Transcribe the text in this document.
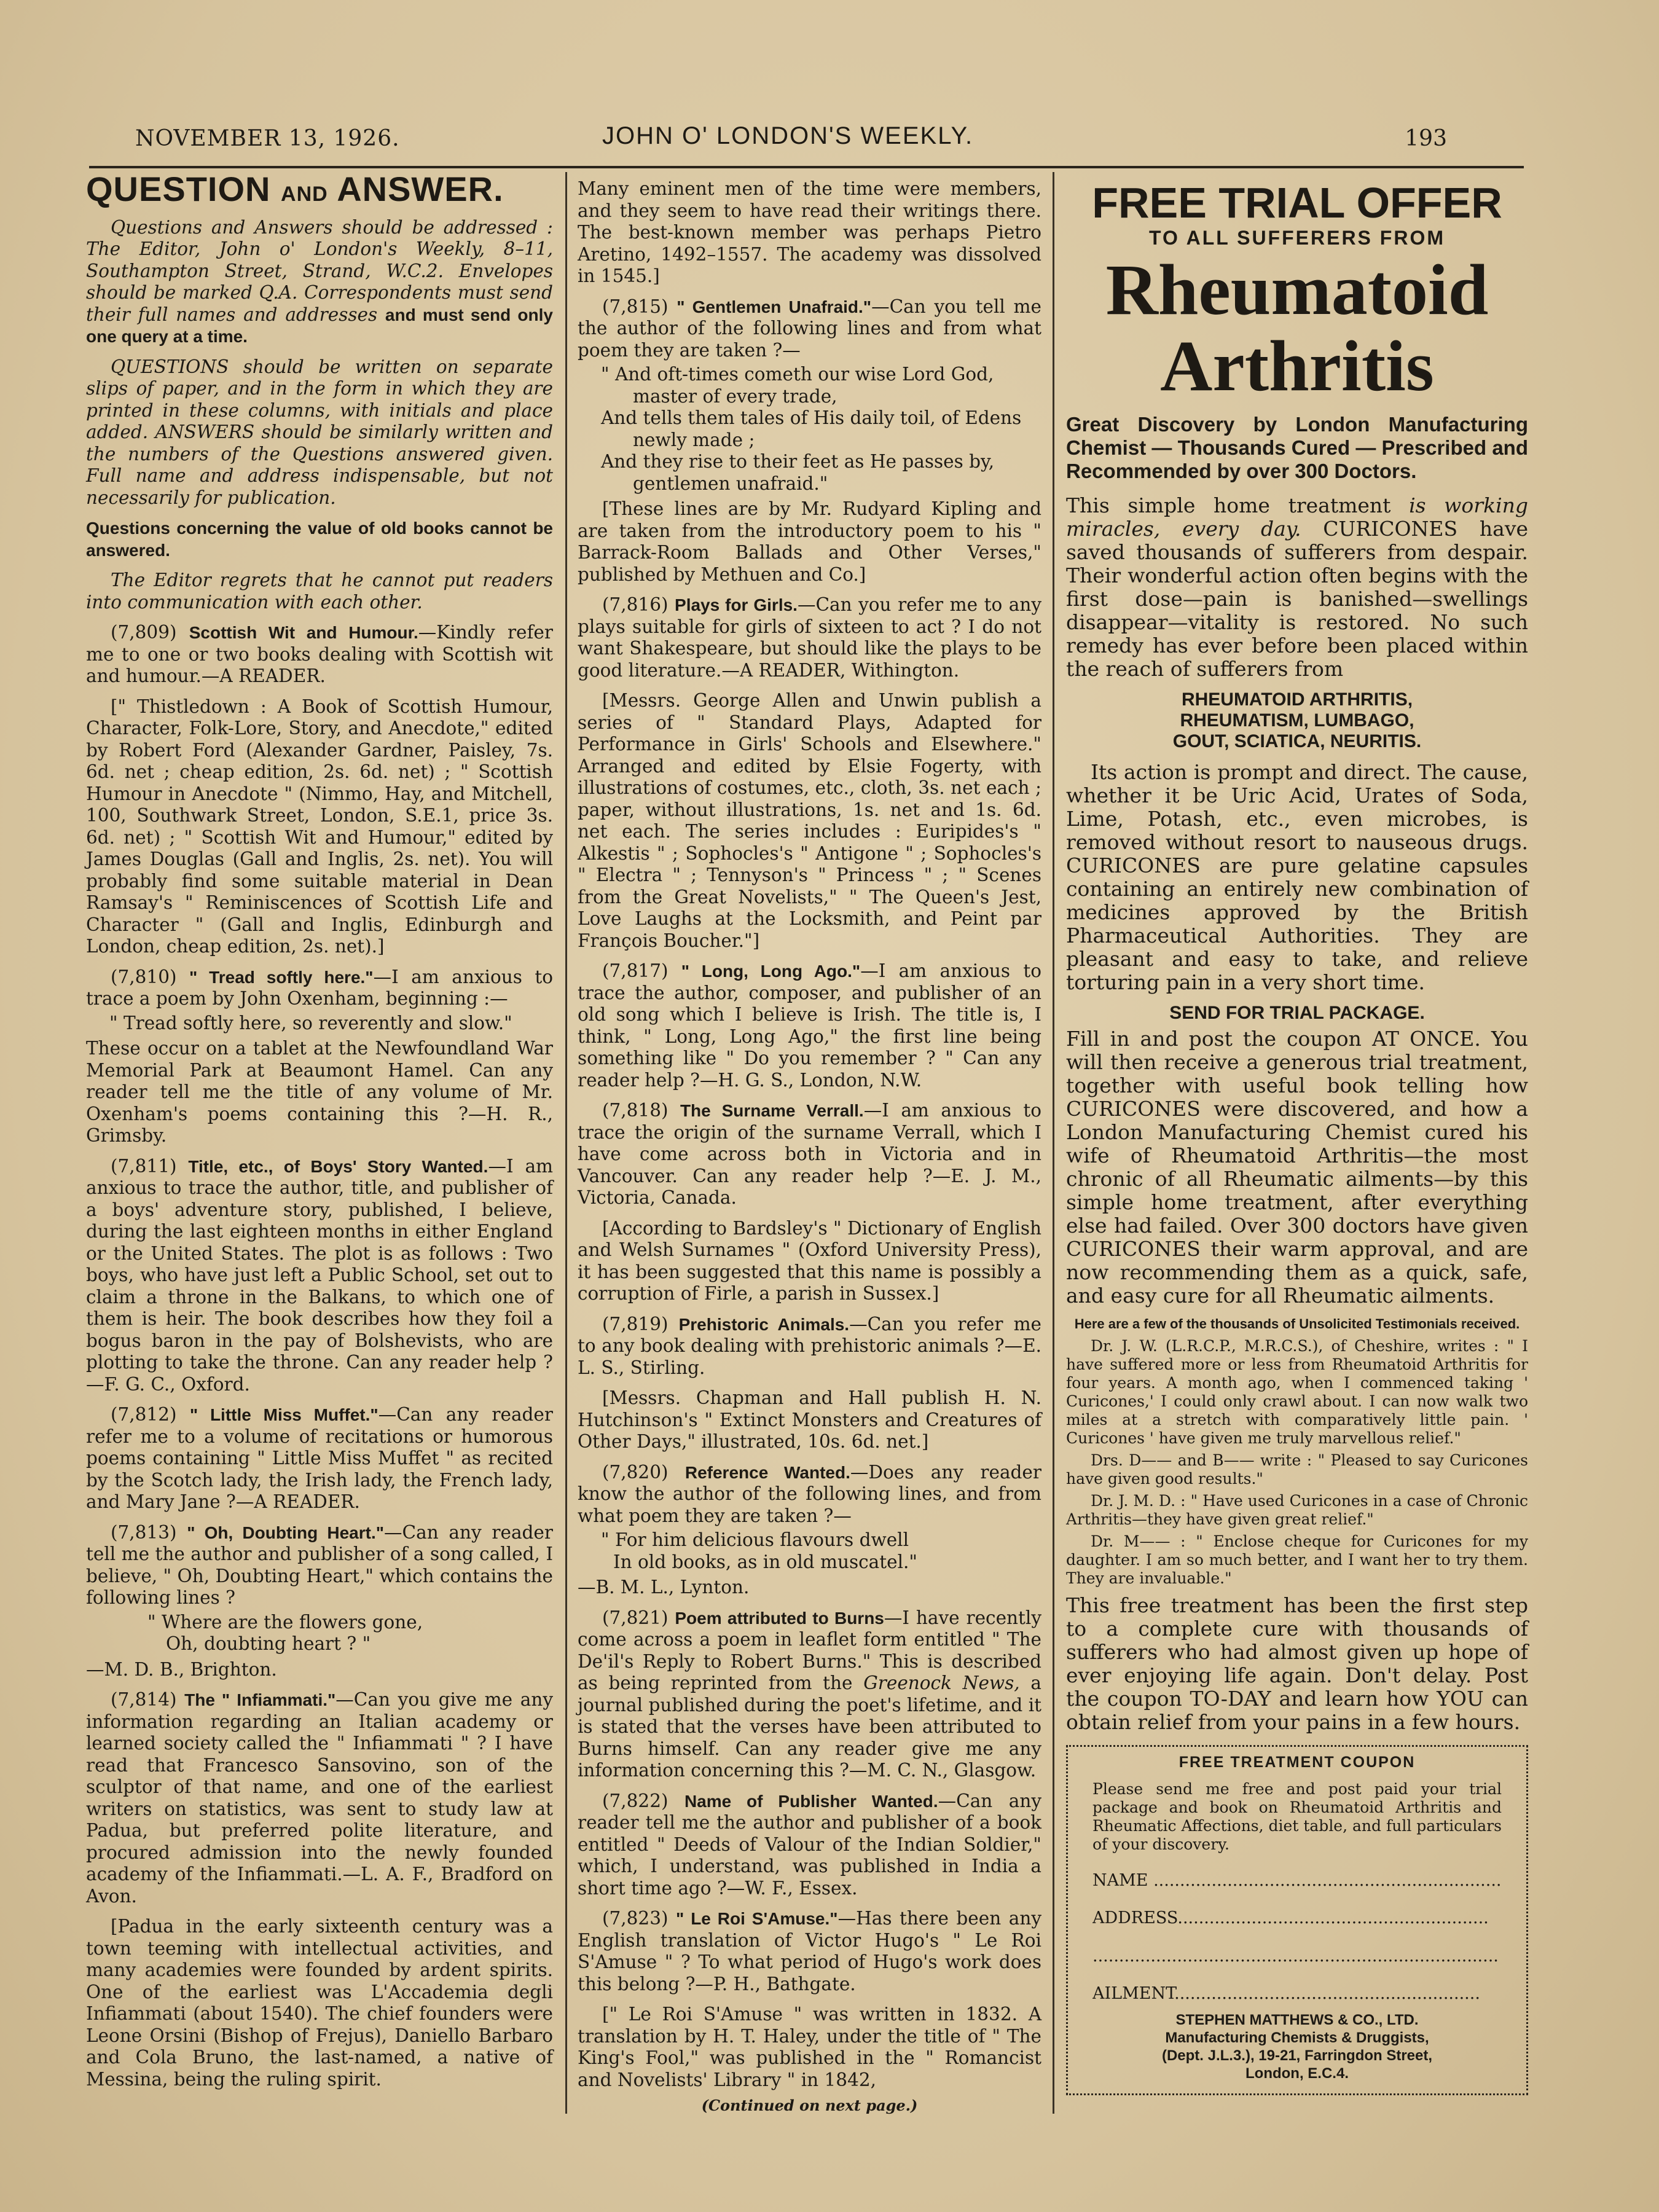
NOVEMBER 13, 1926.	JOHN O' LONDON'S WEEKLY.	193
QUESTION AND ANSWER.

Questions and Answers should be addressed : The Editor, John o' London's Weekly, 8–11, Southampton Street, Strand, W.C.2. Envelopes should be marked Q.A. Correspondents must send their full names and addresses and must send only one query at a time.

QUESTIONS should be written on separate slips of paper, and in the form in which they are printed in these columns, with initials and place added. ANSWERS should be similarly written and the numbers of the Questions answered given. Full name and address indispensable, but not necessarily for publication.

Questions concerning the value of old books cannot be answered.

The Editor regrets that he cannot put readers into communication with each other.

(7,809) Scottish Wit and Humour.—Kindly refer me to one or two books dealing with Scottish wit and humour.—A READER.

[" Thistledown : A Book of Scottish Humour, Character, Folk-Lore, Story, and Anecdote," edited by Robert Ford (Alexander Gardner, Paisley, 7s. 6d. net ; cheap edition, 2s. 6d. net) ; " Scottish Humour in Anecdote " (Nimmo, Hay, and Mitchell, 100, Southwark Street, London, S.E.1, price 3s. 6d. net) ; " Scottish Wit and Humour," edited by James Douglas (Gall and Inglis, 2s. net). You will probably find some suitable material in Dean Ramsay's " Reminiscences of Scottish Life and Character " (Gall and Inglis, Edinburgh and London, cheap edition, 2s. net).]

(7,810) " Tread softly here."—I am anxious to trace a poem by John Oxenham, beginning :—

" Tread softly here, so reverently and slow."

These occur on a tablet at the Newfoundland War Memorial Park at Beaumont Hamel. Can any reader tell me the title of any volume of Mr. Oxenham's poems containing this ?—H. R., Grimsby.

(7,811) Title, etc., of Boys' Story Wanted.—I am anxious to trace the author, title, and publisher of a boys' adventure story, published, I believe, during the last eighteen months in either England or the United States. The plot is as follows : Two boys, who have just left a Public School, set out to claim a throne in the Balkans, to which one of them is heir. The book describes how they foil a bogus baron in the pay of Bolshevists, who are plotting to take the throne. Can any reader help ?—F. G. C., Oxford.

(7,812) " Little Miss Muffet."—Can any reader refer me to a volume of recitations or humorous poems containing " Little Miss Muffet " as recited by the Scotch lady, the Irish lady, the French lady, and Mary Jane ?—A READER.

(7,813) " Oh, Doubting Heart."—Can any reader tell me the author and publisher of a song called, I believe, " Oh, Doubting Heart," which contains the following lines ?

" Where are the flowers gone,

Oh, doubting heart ? "

—M. D. B., Brighton.

(7,814) The " Infiammati."—Can you give me any information regarding an Italian academy or learned society called the " Infiammati " ? I have read that Francesco Sansovino, son of the sculptor of that name, and one of the earliest writers on statistics, was sent to study law at Padua, but preferred polite literature, and procured admission into the newly founded academy of the Infiammati.—L. A. F., Bradford on Avon.

[Padua in the early sixteenth century was a town teeming with intellectual activities, and many academies were founded by ardent spirits. One of the earliest was L'Accademia degli Infiammati (about 1540). The chief founders were Leone Orsini (Bishop of Frejus), Daniello Barbaro and Cola Bruno, the last-named, a native of Messina, being the ruling spirit.

Many eminent men of the time were members, and they seem to have read their writings there. The best-known member was perhaps Pietro Aretino, 1492–1557. The academy was dissolved in 1545.]

(7,815) " Gentlemen Unafraid."—Can you tell me the author of the following lines and from what poem they are taken ?—

" And oft-times cometh our wise Lord God,

master of every trade,

And tells them tales of His daily toil, of Edens

newly made ;

And they rise to their feet as He passes by,

gentlemen unafraid."

[These lines are by Mr. Rudyard Kipling and are taken from the introductory poem to his " Barrack-Room Ballads and Other Verses," published by Methuen and Co.]

(7,816) Plays for Girls.—Can you refer me to any plays suitable for girls of sixteen to act ? I do not want Shakespeare, but should like the plays to be good literature.—A READER, Withington.

[Messrs. George Allen and Unwin publish a series of " Standard Plays, Adapted for Performance in Girls' Schools and Elsewhere." Arranged and edited by Elsie Fogerty, with illustrations of costumes, etc., cloth, 3s. net each ; paper, without illustrations, 1s. net and 1s. 6d. net each. The series includes : Euripides's " Alkestis " ; Sophocles's " Antigone " ; Sophocles's " Electra " ; Tennyson's " Princess " ; " Scenes from the Great Novelists," " The Queen's Jest, Love Laughs at the Locksmith, and Peint par François Boucher."]

(7,817) " Long, Long Ago."—I am anxious to trace the author, composer, and publisher of an old song which I believe is Irish. The title is, I think, " Long, Long Ago," the first line being something like " Do you remember ? " Can any reader help ?—H. G. S., London, N.W.

(7,818) The Surname Verrall.—I am anxious to trace the origin of the surname Verrall, which I have come across both in Victoria and in Vancouver. Can any reader help ?—E. J. M., Victoria, Canada.

[According to Bardsley's " Dictionary of English and Welsh Surnames " (Oxford University Press), it has been suggested that this name is possibly a corruption of Firle, a parish in Sussex.]

(7,819) Prehistoric Animals.—Can you refer me to any book dealing with prehistoric animals ?—E. L. S., Stirling.

[Messrs. Chapman and Hall publish H. N. Hutchinson's " Extinct Monsters and Creatures of Other Days," illustrated, 10s. 6d. net.]

(7,820) Reference Wanted.—Does any reader know the author of the following lines, and from what poem they are taken ?—

" For him delicious flavours dwell

In old books, as in old muscatel."

—B. M. L., Lynton.

(7,821) Poem attributed to Burns—I have recently come across a poem in leaflet form entitled " The De'il's Reply to Robert Burns." This is described as being reprinted from the Greenock News, a journal published during the poet's lifetime, and it is stated that the verses have been attributed to Burns himself. Can any reader give me any information concerning this ?—M. C. N., Glasgow.

(7,822) Name of Publisher Wanted.—Can any reader tell me the author and publisher of a book entitled " Deeds of Valour of the Indian Soldier," which, I understand, was published in India a short time ago ?—W. F., Essex.

(7,823) " Le Roi S'Amuse."—Has there been any English translation of Victor Hugo's " Le Roi S'Amuse " ? To what period of Hugo's work does this belong ?—P. H., Bathgate.

[" Le Roi S'Amuse " was written in 1832. A translation by H. T. Haley, under the title of " The King's Fool," was published in the " Romancist and Novelists' Library " in 1842,

(Continued on next page.)

FREE TRIAL OFFER

TO ALL SUFFERERS FROM

Rheumatoid

Arthritis

Great Discovery by London Manufacturing Chemist — Thousands Cured — Prescribed and Recommended by over 300 Doctors.

This simple home treatment is working miracles, every day. CURICONES have saved thousands of sufferers from despair. Their wonderful action often begins with the first dose—pain is banished—swellings disappear—vitality is restored. No such remedy has ever before been placed within the reach of sufferers from

RHEUMATOID ARTHRITIS,
RHEUMATISM, LUMBAGO,
GOUT, SCIATICA, NEURITIS.

Its action is prompt and direct. The cause, whether it be Uric Acid, Urates of Soda, Lime, Potash, etc., even microbes, is removed without resort to nauseous drugs. CURICONES are pure gelatine capsules containing an entirely new combination of medicines approved by the British Pharmaceutical Authorities. They are pleasant and easy to take, and relieve torturing pain in a very short time.

SEND FOR TRIAL PACKAGE.

Fill in and post the coupon AT ONCE. You will then receive a generous trial treatment, together with useful book telling how CURICONES were discovered, and how a London Manufacturing Chemist cured his wife of Rheumatoid Arthritis—the most chronic of all Rheumatic ailments—by this simple home treatment, after everything else had failed. Over 300 doctors have given CURICONES their warm approval, and are now recommending them as a quick, safe, and easy cure for all Rheumatic ailments.

Here are a few of the thousands of Unsolicited Testimonials received.

Dr. J. W. (L.R.C.P., M.R.C.S.), of Cheshire, writes : " I have suffered more or less from Rheumatoid Arthritis for four years. A month ago, when I commenced taking ' Curicones,' I could only crawl about. I can now walk two miles at a stretch with comparatively little pain. ' Curicones ' have given me truly marvellous relief."

Drs. D—— and B—— write : " Pleased to say Curicones have given good results."

Dr. J. M. D. : " Have used Curicones in a case of Chronic Arthritis—they have given great relief."

Dr. M—— : " Enclose cheque for Curicones for my daughter. I am so much better, and I want her to try them. They are invaluable."

This free treatment has been the first step to a complete cure with thousands of sufferers who had almost given up hope of ever enjoying life again. Don't delay. Post the coupon TO-DAY and learn how YOU can obtain relief from your pains in a few hours.

FREE TREATMENT COUPON

Please send me free and post paid your trial package and book on Rheumatoid Arthritis and Rheumatic Affections, diet table, and full particulars of your discovery.

NAME ..................................................................
ADDRESS...........................................................
.............................................................................
AILMENT..........................................................
STEPHEN MATTHEWS & CO., LTD.
Manufacturing Chemists & Druggists,
(Dept. J.L.3.), 19-21, Farringdon Street,
London, E.C.4.
